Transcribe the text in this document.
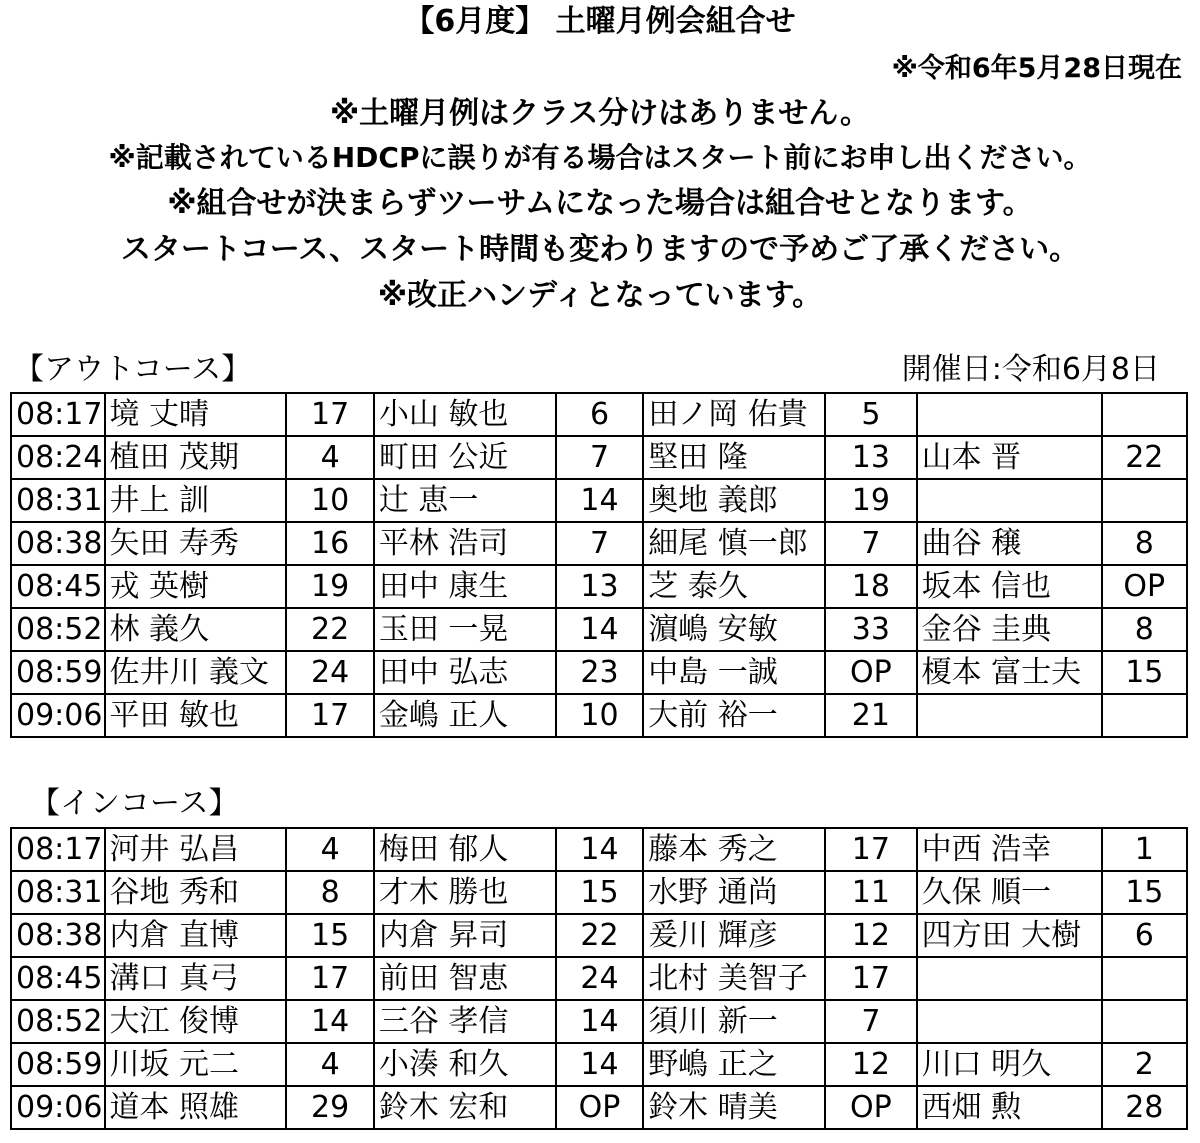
【6月度】 土曜月例会組合せ
※令和6年5月28日現在
※土曜月例はクラス分けはありません。
※記載されているHDCPに誤りが有る場合はスタート前にお申し出ください。
※組合せが決まらずツーサムになった場合は組合せとなります。
スタートコース、スタート時間も変わりますので予めご了承ください。
※改正ハンディとなっています。
【アウトコース】	開催日:令和6月8日
08:17	境 丈晴	17	小山 敏也	6	田ノ岡 佑貴	5		
08:24	植田 茂期	4	町田 公近	7	堅田 隆	13	山本 晋	22
08:31	井上 訓	10	辻 恵一	14	奥地 義郎	19		
08:38	矢田 寿秀	16	平林 浩司	7	細尾 慎一郎	7	曲谷 穣	8
08:45	戎 英樹	19	田中 康生	13	芝 泰久	18	坂本 信也	OP
08:52	林 義久	22	玉田 一晃	14	濵嶋 安敏	33	金谷 圭典	8
08:59	佐井川 義文	24	田中 弘志	23	中島 一誠	OP	榎本 富士夫	15
09:06	平田 敏也	17	金嶋 正人	10	大前 裕一	21		
【インコース】
08:17	河井 弘昌	4	梅田 郁人	14	藤本 秀之	17	中西 浩幸	1
08:31	谷地 秀和	8	才木 勝也	15	水野 通尚	11	久保 順一	15
08:38	内倉 直博	15	内倉 昇司	22	爰川 輝彦	12	四方田 大樹	6
08:45	溝口 真弓	17	前田 智恵	24	北村 美智子	17		
08:52	大江 俊博	14	三谷 孝信	14	須川 新一	7		
08:59	川坂 元二	4	小湊 和久	14	野嶋 正之	12	川口 明久	2
09:06	道本 照雄	29	鈴木 宏和	OP	鈴木 晴美	OP	西畑 勲	28
